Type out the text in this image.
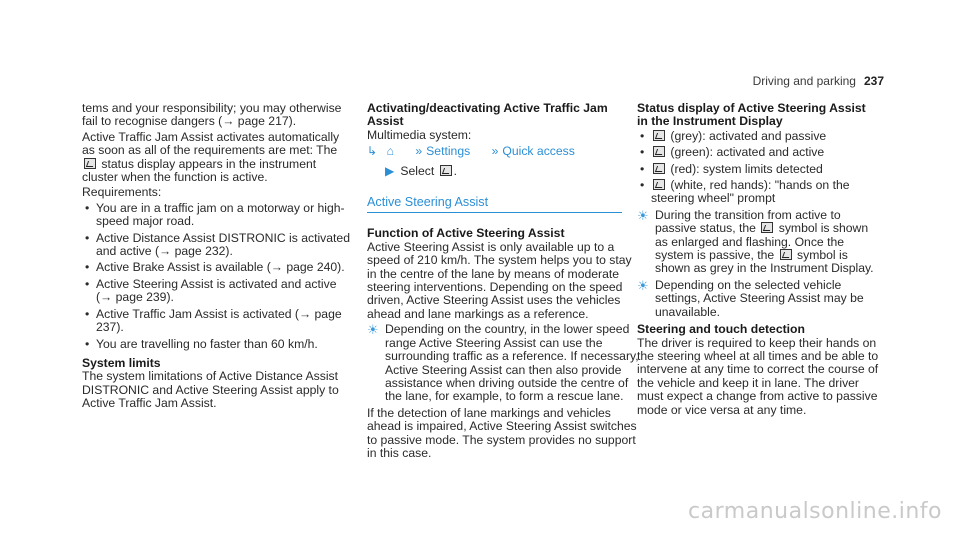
Driving and parking 237

tems and your responsibility; you may otherwise fail to recognise dangers (→ page 217).

Active Traffic Jam Assist activates automatically as soon as all of the requirements are met: The  status display appears in the instrument cluster when the function is active.

Requirements:

• You are in a traffic jam on a motorway or high-speed major road.
• Active Distance Assist DISTRONIC is activated and active (→ page 232).
• Active Brake Assist is available (→ page 240).
• Active Steering Assist is activated and active (→ page 239).
• Active Traffic Jam Assist is activated (→ page 237).
• You are travelling no faster than 60 km/h.

System limits

The system limitations of Active Distance Assist DISTRONIC and Active Steering Assist apply to Active Traffic Jam Assist.

Activating/deactivating Active Traffic Jam Assist

Multimedia system:

↳ ⌂ » Settings » Quick access

▶ Select .

Active Steering Assist

Function of Active Steering Assist

Active Steering Assist is only available up to a speed of 210 km/h. The system helps you to stay in the centre of the lane by means of moderate steering interventions. Depending on the speed driven, Active Steering Assist uses the vehicles ahead and lane markings as a reference.

☀ Depending on the country, in the lower speed range Active Steering Assist can use the surrounding traffic as a reference. If necessary, Active Steering Assist can then also provide assistance when driving outside the centre of the lane, for example, to form a rescue lane.

If the detection of lane markings and vehicles ahead is impaired, Active Steering Assist switches to passive mode. The system provides no support in this case.

Status display of Active Steering Assist in the Instrument Display

• (grey): activated and passive
• (green): activated and active
• (red): system limits detected
• (white, red hands): "hands on the steering wheel" prompt
☀ During the transition from active to passive status, the symbol is shown as enlarged and flashing. Once the system is passive, the symbol is shown as grey in the Instrument Display.
☀ Depending on the selected vehicle settings, Active Steering Assist may be unavailable.

Steering and touch detection

The driver is required to keep their hands on the steering wheel at all times and be able to intervene at any time to correct the course of the vehicle and keep it in lane. The driver must expect a change from active to passive mode or vice versa at any time.

carmanualsonline.info
